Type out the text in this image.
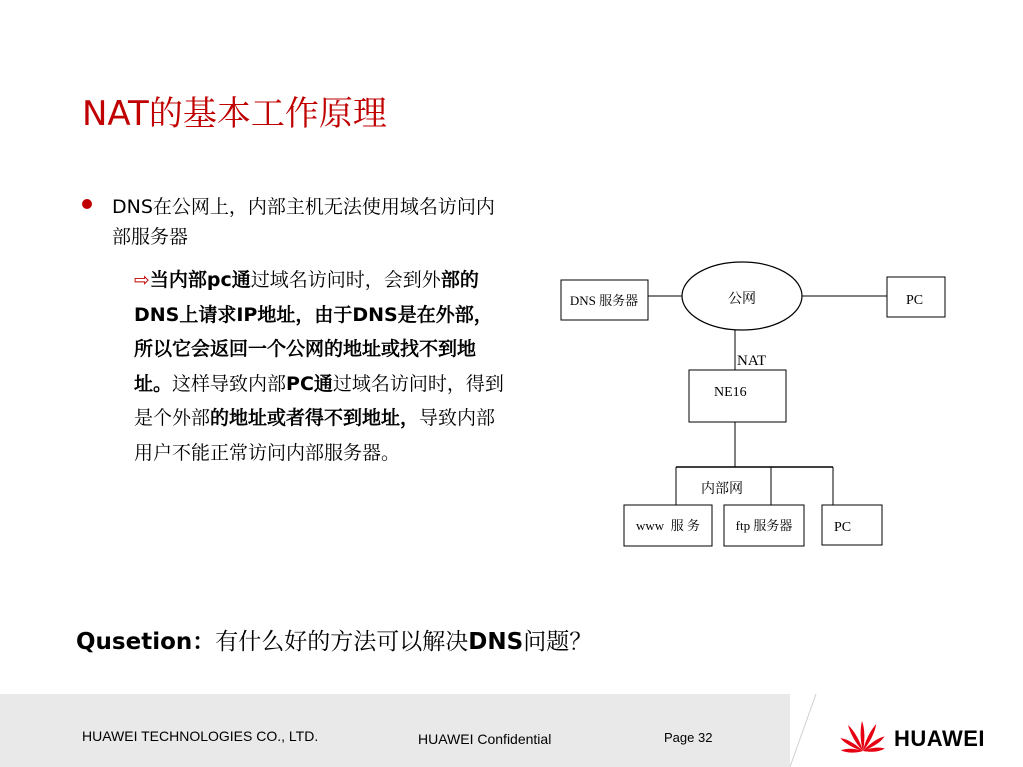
NAT的基本工作原理
DNS在公网上，内部主机无法使用域名访问内部服务器
⇨当内部pc通过域名访问时，会到外部的DNS上请求IP地址，由于DNS是在外部，所以它会返回一个公网的地址或找不到地址。这样导致内部PC通过域名访问时，得到是个外部的地址或者得不到地址，导致内部用户不能正常访问内部服务器。
DNS 服务器	公网	PC
NAT
NE16
内部网
www  服 务	ftp 服务器	PC
Qusetion：有什么好的方法可以解决DNS问题？
HUAWEI TECHNOLOGIES CO., LTD.	HUAWEI Confidential	Page 32	HUAWEI
